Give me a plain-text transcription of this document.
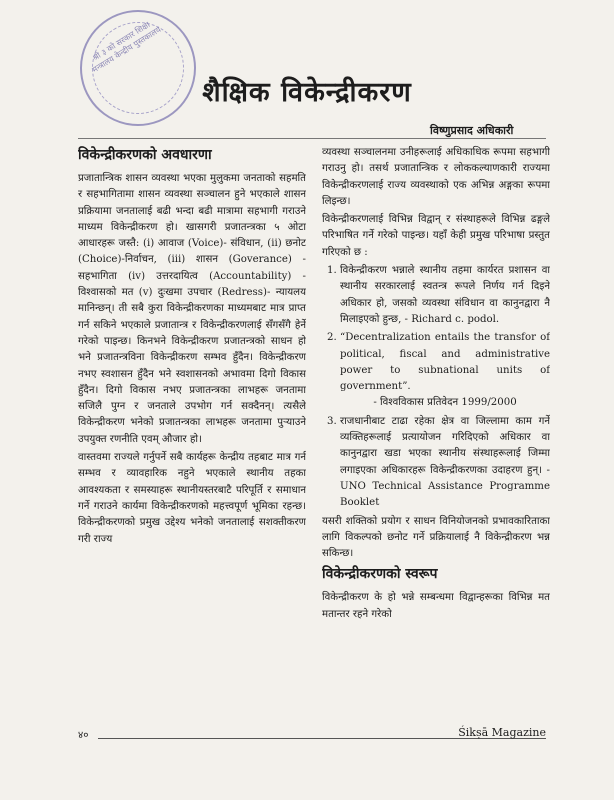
श्री ३ को सरकार शिक्षा मन्त्रालय केन्द्रीय पुस्तकालय
शैक्षिक विकेन्द्रीकरण
विष्णुप्रसाद अधिकारी
विकेन्द्रीकरणको अवधारणा
प्रजातान्त्रिक शासन व्यवस्था भएका मुलुकमा जनताको सहमति र सहभागितामा शासन व्यवस्था सञ्चालन हुने भएकाले शासन प्रक्रियामा जनतालाई बढी भन्दा बढी मात्रामा सहभागी गराउने माध्यम विकेन्द्रीकरण हो। खासगरी प्रजातन्त्रका ५ ओटा आधारहरू जस्तै: (i) आवाज (Voice)- संविधान, (ii) छनोट (Choice)-निर्वाचन, (iii) शासन (Goverance) - सहभागिता (iv) उत्तरदायित्व (Accountability) - विश्वासको मत (v) दुःखमा उपचार (Redress)- न्यायलय मानिन्छन्। ती सबै कुरा विकेन्द्रीकरणका माध्यमबाट मात्र प्राप्त गर्न सकिने भएकाले प्रजातान्त्र र विकेन्द्रीकरणलाई सँगसँगै हेर्ने गरेको पाइन्छ। किनभने विकेन्द्रीकरण प्रजातन्त्रको साधन हो भने प्रजातन्त्रविना विकेन्द्रीकरण सम्भव हुँदैन। विकेन्द्रीकरण नभए स्वशासन हुँदैन भने स्वशासनको अभावमा दिगो विकास हुँदैन। दिगो विकास नभए प्रजातन्त्रका लाभहरू जनतामा सजिलै पुग्न र जनताले उपभोग गर्न सक्दैनन्। त्यसैले विकेन्द्रीकरण भनेको प्रजातन्त्रका लाभहरू जनतामा पुऱ्याउने उपयुक्त रणनीति एवम् औजार हो।
वास्तवमा राज्यले गर्नुपर्ने सबै कार्यहरू केन्द्रीय तहबाट मात्र गर्न सम्भव र व्यावहारिक नहुने भएकाले स्थानीय तहका आवश्यकता र समस्याहरू स्थानीयस्तरबाटै परिपूर्ति र समाधान गर्ने गराउने कार्यमा विकेन्द्रीकरणको महत्त्वपूर्ण भूमिका रहन्छ। विकेन्द्रीकरणको प्रमुख उद्देश्य भनेको जनतालाई सशक्तीकरण गरी राज्य
व्यवस्था सञ्चालनमा उनीहरूलाई अधिकाधिक रूपमा सहभागी गराउनु हो। तसर्थ प्रजातान्त्रिक र लोककल्याणकारी राज्यमा विकेन्द्रीकरणलाई राज्य व्यवस्थाको एक अभिन्न अङ्गका रूपमा लिइन्छ।
विकेन्द्रीकरणलाई विभिन्न विद्वान् र संस्थाहरूले विभिन्न ढङ्गले परिभाषित गर्ने गरेको पाइन्छ। यहाँ केही प्रमुख परिभाषा प्रस्तुत गरिएको छ :
1. विकेन्द्रीकरण भन्नाले स्थानीय तहमा कार्यरत प्रशासन वा स्थानीय सरकारलाई स्वतन्त्र रूपले निर्णय गर्न दिइने अधिकार हो, जसको व्यवस्था संविधान वा कानुनद्वारा नै मिलाइएको हुन्छ, - Richard c. podol.
2. “Decentralization entails the transfor of political, fiscal and administrative power to subnational units of government”.
- विश्वविकास प्रतिवेदन 1999/2000
3. राजधानीबाट टाढा रहेका क्षेत्र वा जिल्लामा काम गर्ने व्यक्तिहरूलाई प्रत्यायोजन गरिदिएको अधिकार वा कानुनद्वारा खडा भएका स्थानीय संस्थाहरूलाई जिम्मा लगाइएका अधिकारहरू विकेन्द्रीकरणका उदाहरण हुन्। - UNO Technical Assistance Programme Booklet
यसरी शक्तिको प्रयोग र साधन विनियोजनको प्रभावकारिताका लागि विकल्पको छनोट गर्ने प्रक्रियालाई नै विकेन्द्रीकरण भन्न सकिन्छ।
विकेन्द्रीकरणको स्वरूप
विकेन्द्रीकरण के हो भन्ने सम्बन्धमा विद्वान्हरूका विभिन्न मत मतान्तर रहने गरेको
४०	Śikṣā Magazine
